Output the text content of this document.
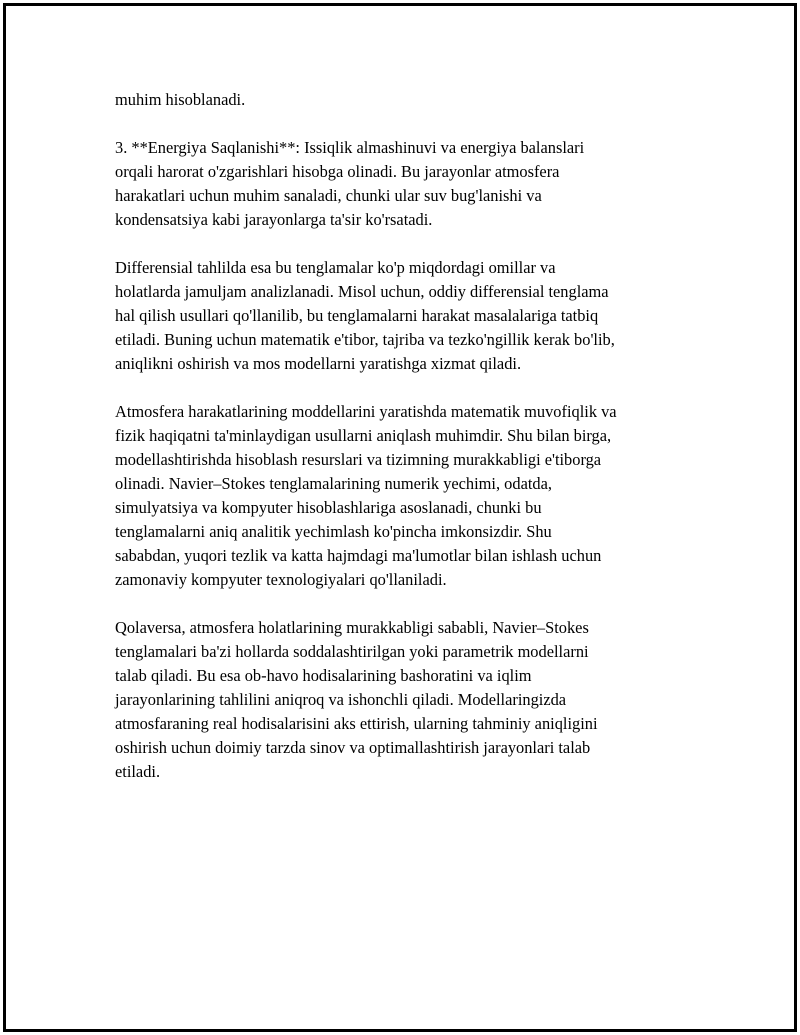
muhim hisoblanadi.
3. **Energiya Saqlanishi**: Issiqlik almashinuvi va energiya balanslari
orqali harorat o'zgarishlari hisobga olinadi. Bu jarayonlar atmosfera
harakatlari uchun muhim sanaladi, chunki ular suv bug'lanishi va
kondensatsiya kabi jarayonlarga ta'sir ko'rsatadi.
Differensial tahlilda esa bu tenglamalar ko'p miqdordagi omillar va
holatlarda jamuljam analizlanadi. Misol uchun, oddiy differensial tenglama
hal qilish usullari qo'llanilib, bu tenglamalarni harakat masalalariga tatbiq
etiladi. Buning uchun matematik e'tibor, tajriba va tezko'ngillik kerak bo'lib,
aniqlikni oshirish va mos modellarni yaratishga xizmat qiladi.
Atmosfera harakatlarining moddellarini yaratishda matematik muvofiqlik va
fizik haqiqatni ta'minlaydigan usullarni aniqlash muhimdir. Shu bilan birga,
modellashtirishda hisoblash resurslari va tizimning murakkabligi e'tiborga
olinadi. Navier–Stokes tenglamalarining numerik yechimi, odatda,
simulyatsiya va kompyuter hisoblashlariga asoslanadi, chunki bu
tenglamalarni aniq analitik yechimlash ko'pincha imkonsizdir. Shu
sababdan, yuqori tezlik va katta hajmdagi ma'lumotlar bilan ishlash uchun
zamonaviy kompyuter texnologiyalari qo'llaniladi.
Qolaversa, atmosfera holatlarining murakkabligi sababli, Navier–Stokes
tenglamalari ba'zi hollarda soddalashtirilgan yoki parametrik modellarni
talab qiladi. Bu esa ob-havo hodisalarining bashoratini va iqlim
jarayonlarining tahlilini aniqroq va ishonchli qiladi. Modellaringizda
atmosfaraning real hodisalarisini aks ettirish, ularning tahminiy aniqligini
oshirish uchun doimiy tarzda sinov va optimallashtirish jarayonlari talab
etiladi.
